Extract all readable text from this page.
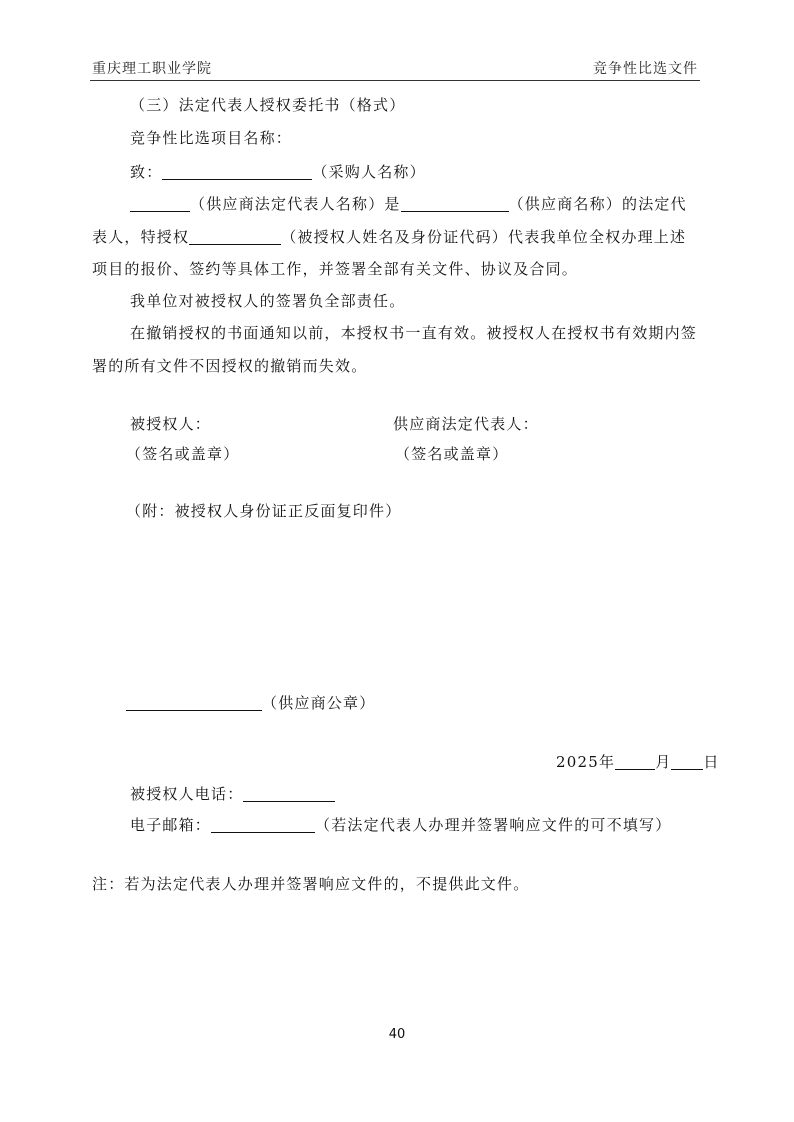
重庆理工职业学院	竞争性比选文件
（三）法定代表人授权委托书（格式）
竞争性比选项目名称：
致：	（采购人名称）
（供应商法定代表人名称）是	（供应商名称）的法定代
表人，特授权	（被授权人姓名及身份证代码）代表我单位全权办理上述
项目的报价、签约等具体工作，并签署全部有关文件、协议及合同。
我单位对被授权人的签署负全部责任。
在撤销授权的书面通知以前，本授权书一直有效。被授权人在授权书有效期内签
署的所有文件不因授权的撤销而失效。
被授权人：	供应商法定代表人：
（签名或盖章）	（签名或盖章）
（附：被授权人身份证正反面复印件）
（供应商公章）
2025年	月 日
被授权人电话：
电子邮箱：	（若法定代表人办理并签署响应文件的可不填写）
注：若为法定代表人办理并签署响应文件的，不提供此文件。
40
